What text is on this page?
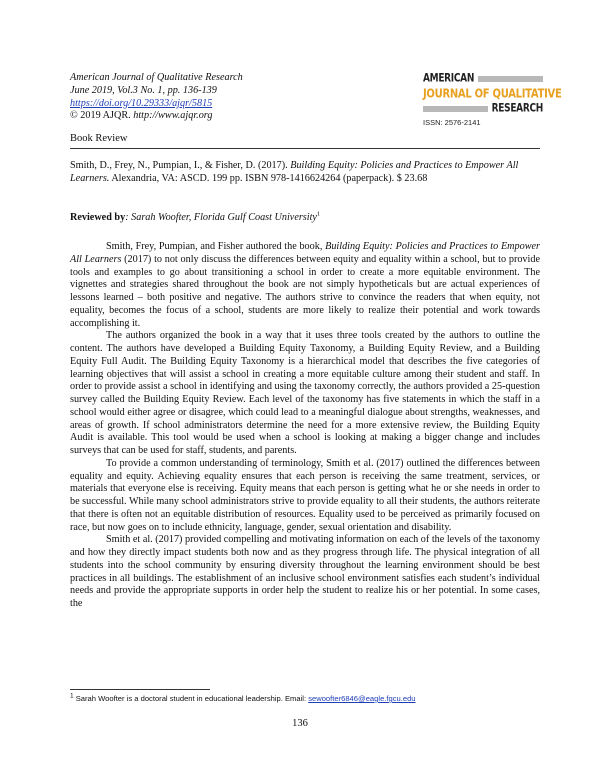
American Journal of Qualitative Research
June 2019, Vol.3 No. 1, pp. 136-139
https://doi.org/10.29333/ajqr/5815
© 2019 AJQR. http://www.ajqr.org
AMERICAN
JOURNAL OF QUALITATIVE
RESEARCH
ISSN: 2576-2141
Book Review
Smith, D., Frey, N., Pumpian, I., & Fisher, D. (2017). Building Equity: Policies and Practices to Empower All Learners. Alexandria, VA: ASCD. 199 pp. ISBN 978-1416624264 (paperpack). $ 23.68
Reviewed by: Sarah Woofter, Florida Gulf Coast University$^1$

Smith, Frey, Pumpian, and Fisher authored the book, Building Equity: Policies and Practices to Empower All Learners (2017) to not only discuss the differences between equity and equality within a school, but to provide tools and examples to go about transitioning a school in order to create a more equitable environment. The vignettes and strategies shared throughout the book are not simply hypotheticals but are actual experiences of lessons learned – both positive and negative. The authors strive to convince the readers that when equity, not equality, becomes the focus of a school, students are more likely to realize their potential and work towards accomplishing it.

The authors organized the book in a way that it uses three tools created by the authors to outline the content. The authors have developed a Building Equity Taxonomy, a Building Equity Review, and a Building Equity Full Audit. The Building Equity Taxonomy is a hierarchical model that describes the five categories of learning objectives that will assist a school in creating a more equitable culture among their student and staff. In order to provide assist a school in identifying and using the taxonomy correctly, the authors provided a 25-question survey called the Building Equity Review. Each level of the taxonomy has five statements in which the staff in a school would either agree or disagree, which could lead to a meaningful dialogue about strengths, weaknesses, and areas of growth. If school administrators determine the need for a more extensive review, the Building Equity Audit is available. This tool would be used when a school is looking at making a bigger change and includes surveys that can be used for staff, students, and parents.

To provide a common understanding of terminology, Smith et al. (2017) outlined the differences between equality and equity. Achieving equality ensures that each person is receiving the same treatment, services, or materials that everyone else is receiving. Equity means that each person is getting what he or she needs in order to be successful. While many school administrators strive to provide equality to all their students, the authors reiterate that there is often not an equitable distribution of resources. Equality used to be perceived as primarily focused on race, but now goes on to include ethnicity, language, gender, sexual orientation and disability.

Smith et al. (2017) provided compelling and motivating information on each of the levels of the taxonomy and how they directly impact students both now and as they progress through life. The physical integration of all students into the school community by ensuring diversity throughout the learning environment should be best practices in all buildings. The establishment of an inclusive school environment satisfies each student’s individual needs and provide the appropriate supports in order help the student to realize his or her potential. In some cases, the

$^1$ Sarah Woofter is a doctoral student in educational leadership. Email: sewoofter6846@eagle.fgcu.edu
136
